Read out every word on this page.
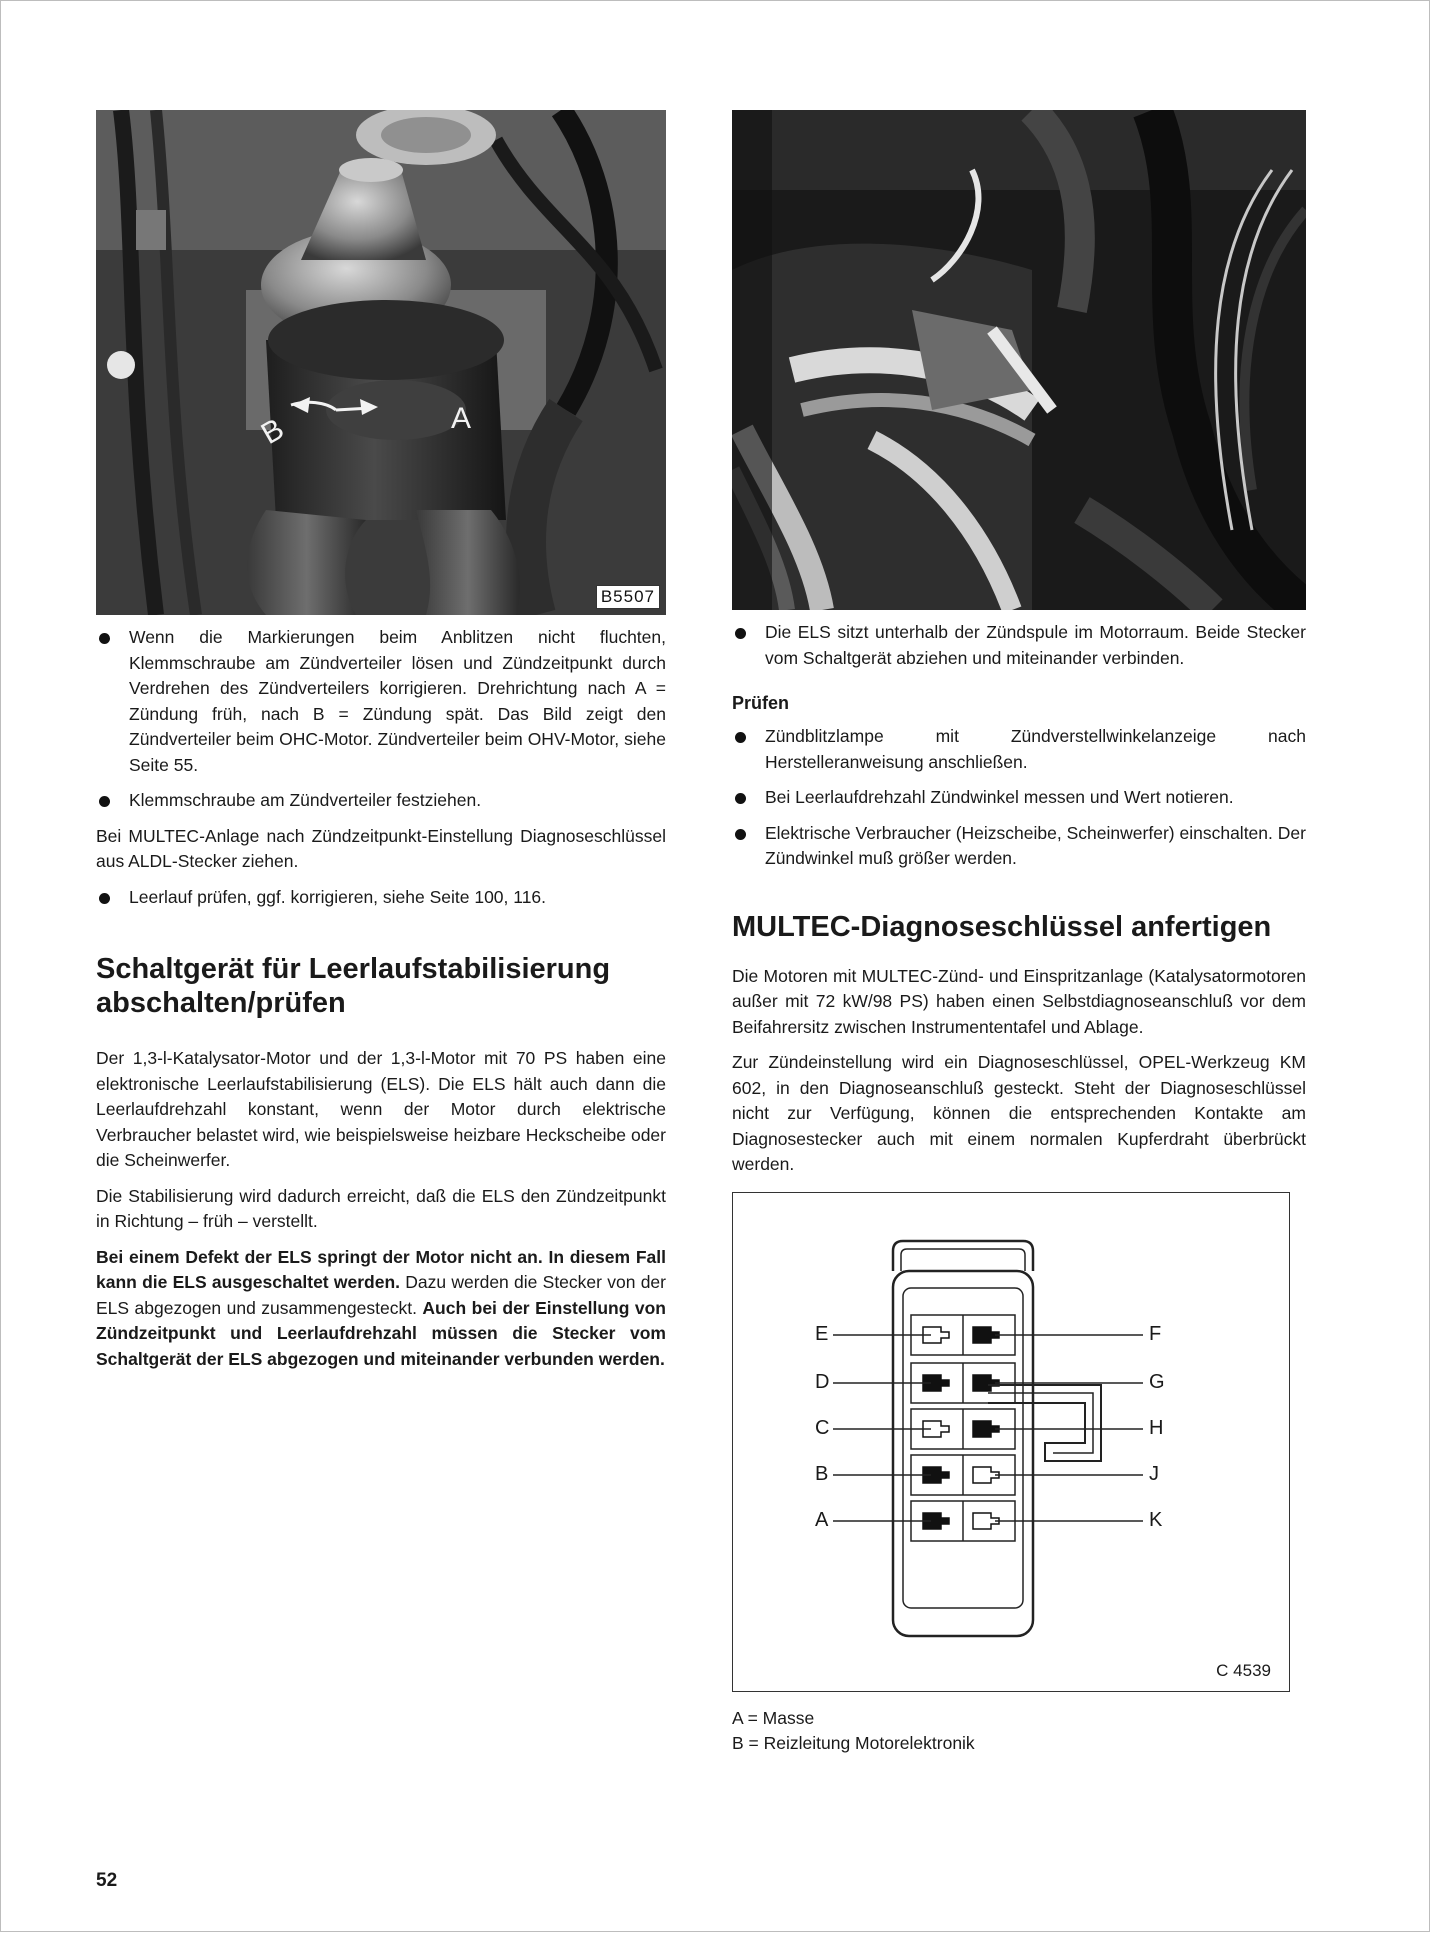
B	A
B5507

Wenn die Markierungen beim Anblitzen nicht fluchten, Klemmschraube am Zündverteiler lösen und Zündzeitpunkt durch Verdrehen des Zündverteilers korrigieren. Drehrichtung nach A = Zündung früh, nach B = Zündung spät. Das Bild zeigt den Zündverteiler beim OHC-Motor. Zündverteiler beim OHV-Motor, siehe Seite 55.

Klemmschraube am Zündverteiler festziehen.

Bei MULTEC-Anlage nach Zündzeitpunkt-Einstellung Diagnoseschlüssel aus ALDL-Stecker ziehen.

Leerlauf prüfen, ggf. korrigieren, siehe Seite 100, 116.

Schaltgerät für Leerlaufstabilisierung abschalten/prüfen

Der 1,3-l-Katalysator-Motor und der 1,3-l-Motor mit 70 PS haben eine elektronische Leerlaufstabilisierung (ELS). Die ELS hält auch dann die Leerlaufdrehzahl konstant, wenn der Motor durch elektrische Verbraucher belastet wird, wie beispielsweise heizbare Heckscheibe oder die Scheinwerfer.

Die Stabilisierung wird dadurch erreicht, daß die ELS den Zündzeitpunkt in Richtung – früh – verstellt.

Bei einem Defekt der ELS springt der Motor nicht an. In diesem Fall kann die ELS ausgeschaltet werden. Dazu werden die Stecker von der ELS abgezogen und zusammengesteckt. Auch bei der Einstellung von Zündzeitpunkt und Leerlaufdrehzahl müssen die Stecker vom Schaltgerät der ELS abgezogen und miteinander verbunden werden.

Die ELS sitzt unterhalb der Zündspule im Motorraum. Beide Stecker vom Schaltgerät abziehen und miteinander verbinden.

Prüfen

Zündblitzlampe mit Zündverstellwinkelanzeige nach Herstelleranweisung anschließen.

Bei Leerlaufdrehzahl Zündwinkel messen und Wert notieren.

Elektrische Verbraucher (Heizscheibe, Scheinwerfer) einschalten. Der Zündwinkel muß größer werden.

MULTEC-Diagnoseschlüssel anfertigen

Die Motoren mit MULTEC-Zünd- und Einspritzanlage (Katalysatormotoren außer mit 72 kW/98 PS) haben einen Selbstdiagnoseanschluß vor dem Beifahrersitz zwischen Instrumententafel und Ablage.

Zur Zündeinstellung wird ein Diagnoseschlüssel, OPEL-Werkzeug KM 602, in den Diagnoseanschluß gesteckt. Steht der Diagnoseschlüssel nicht zur Verfügung, können die entsprechenden Kontakte am Diagnosestecker auch mit einem normalen Kupferdraht überbrückt werden.

E	F
D	G
C	H
B	J
A	K
C 4539

A = Masse

B = Reizleitung Motorelektronik

52
